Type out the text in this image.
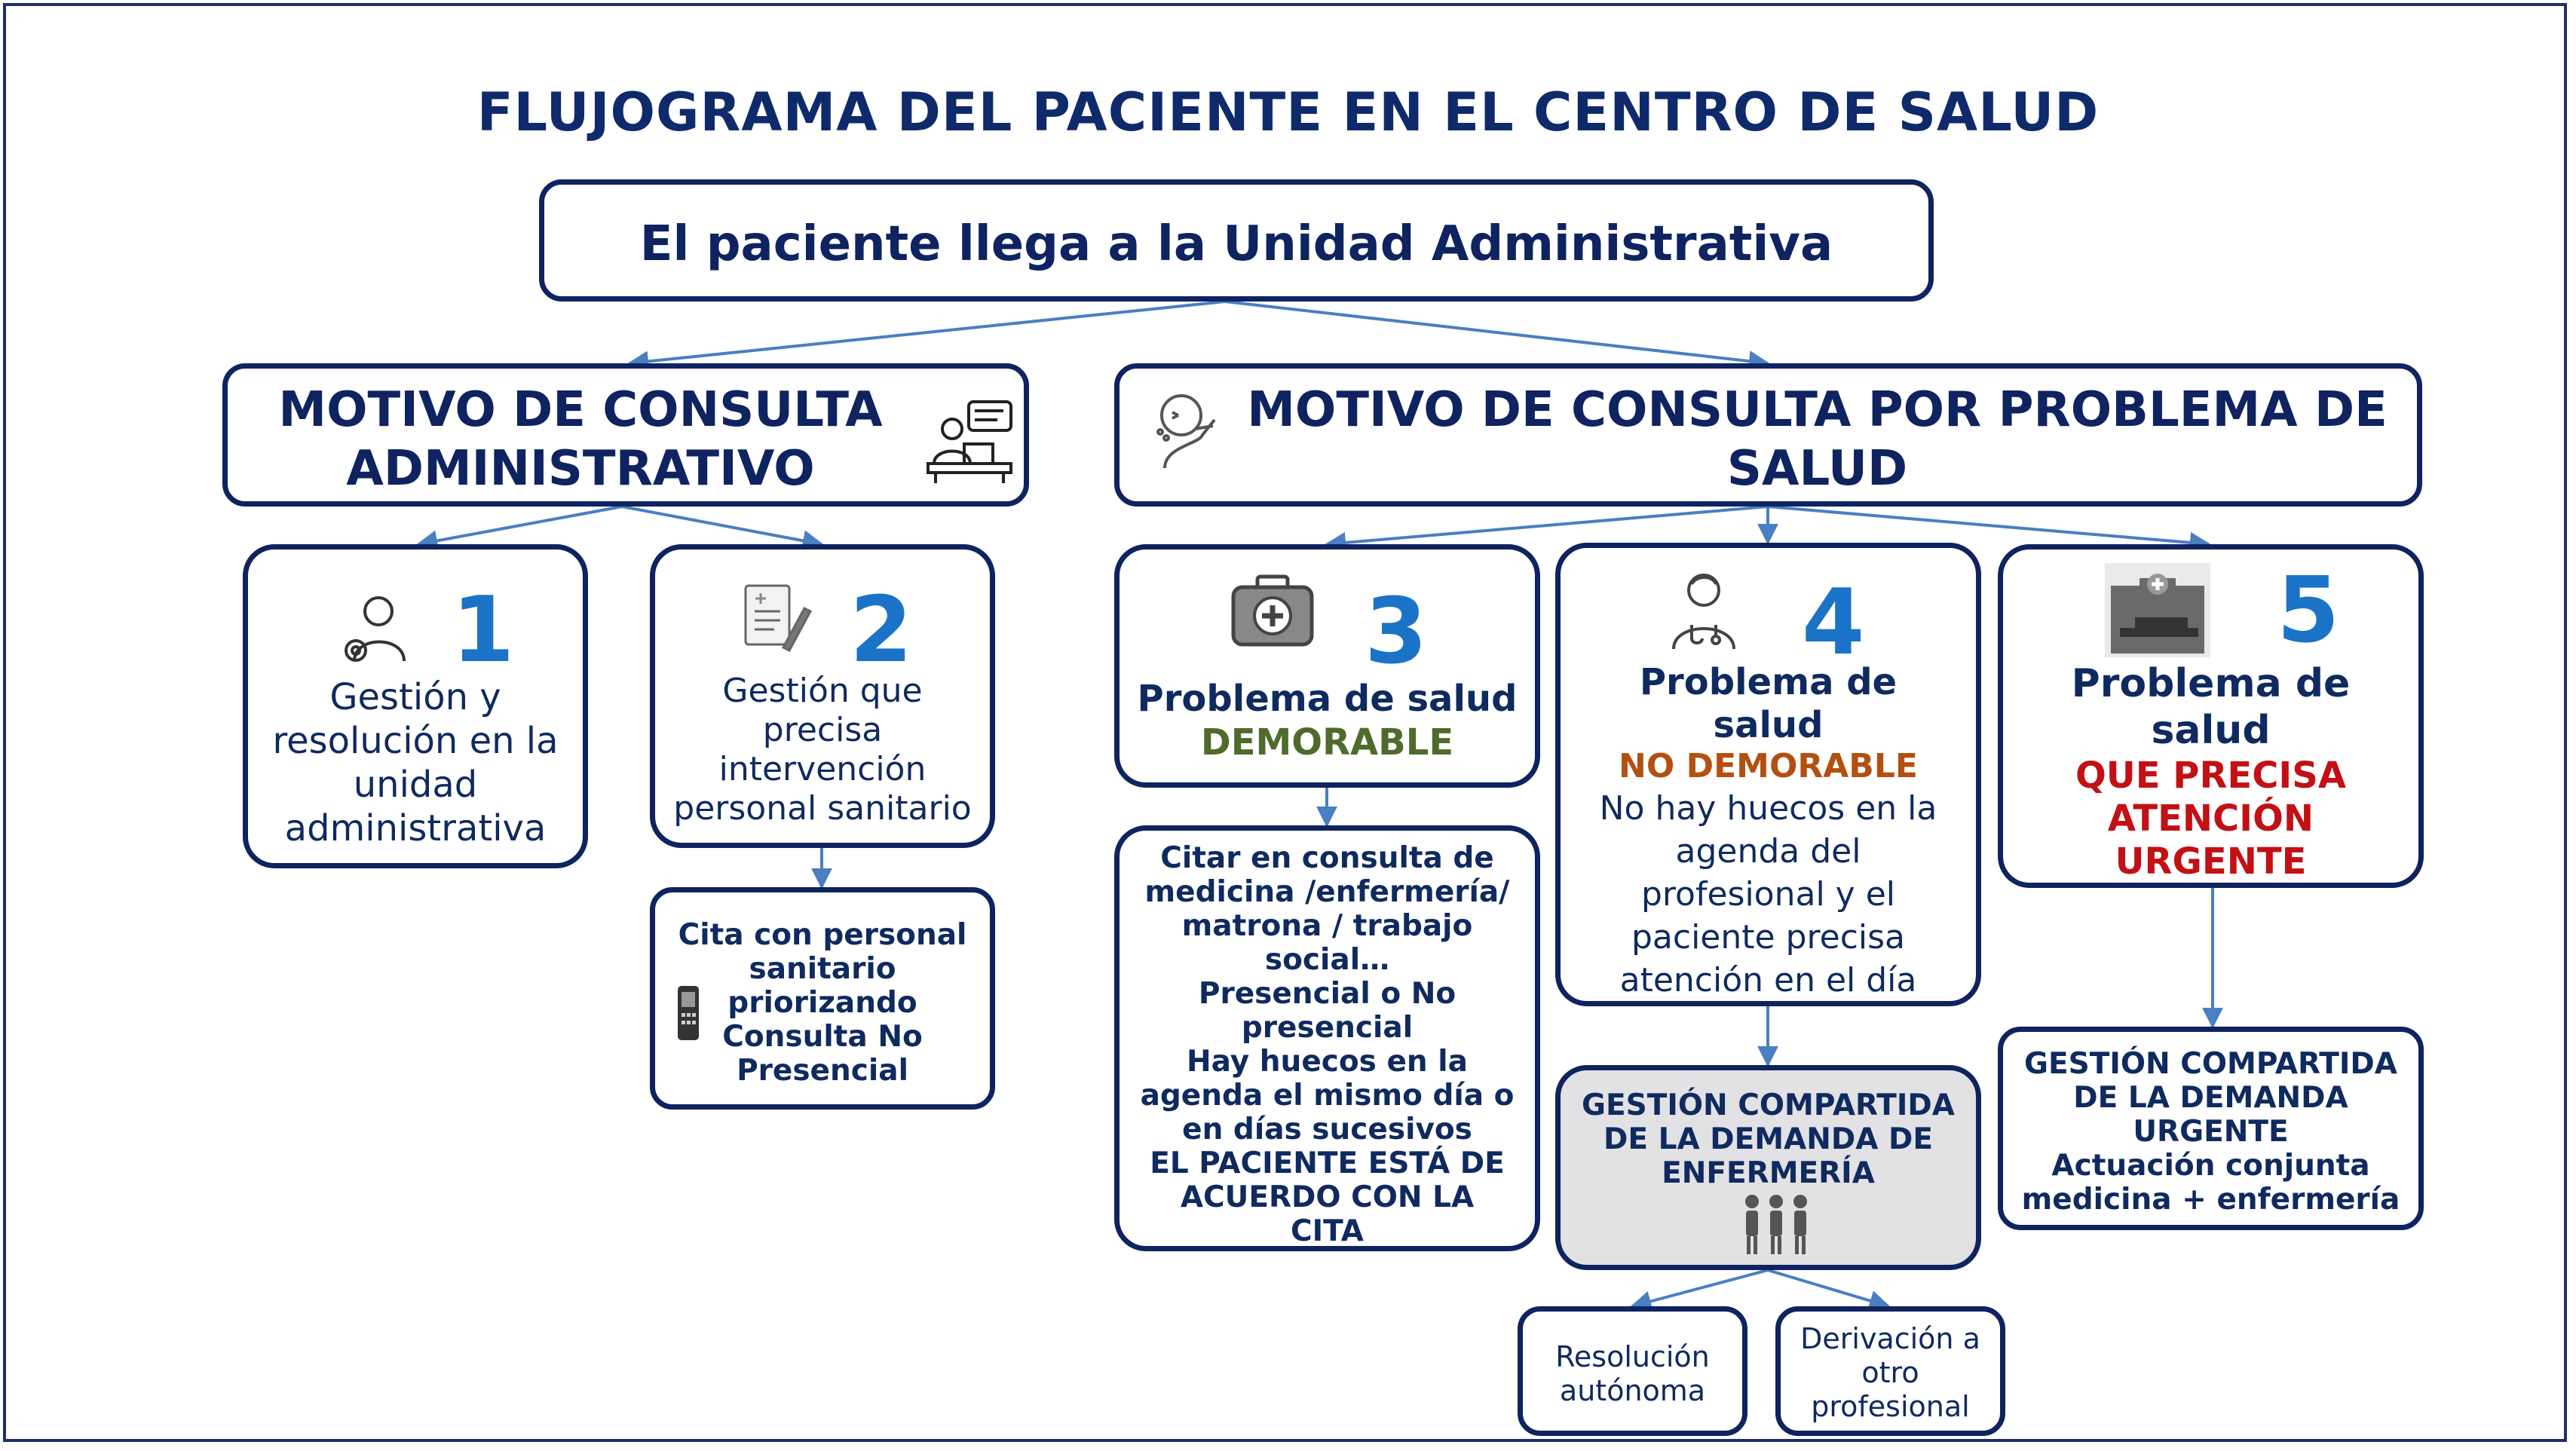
FLUJOGRAMA DEL PACIENTE EN EL CENTRO DE SALUD
El paciente llega a la Unidad Administrativa
MOTIVO DE CONSULTA
ADMINISTRATIVO
MOTIVO DE CONSULTA POR PROBLEMA DE
SALUD
1
Gestión y
resolución en la
unidad
administrativa
2
Gestión que
precisa
intervención
personal sanitario
Cita con personal
sanitario
priorizando
Consulta No
Presencial
3
Problema de salud
DEMORABLE
Citar en consulta de
medicina /enfermería/
matrona / trabajo
social…
Presencial o No
presencial
Hay huecos en la
agenda el mismo día o
en días sucesivos
EL PACIENTE ESTÁ DE
ACUERDO CON LA
CITA
4
Problema de
salud
NO DEMORABLE
No hay huecos en la
agenda del
profesional y el
paciente precisa
atención en el día
GESTIÓN COMPARTIDA
DE LA DEMANDA DE
ENFERMERÍA
Resolución
autónoma
Derivación a
otro
profesional
5
Problema de
salud
QUE PRECISA
ATENCIÓN
URGENTE
GESTIÓN COMPARTIDA
DE LA DEMANDA
URGENTE
Actuación conjunta
medicina + enfermería
